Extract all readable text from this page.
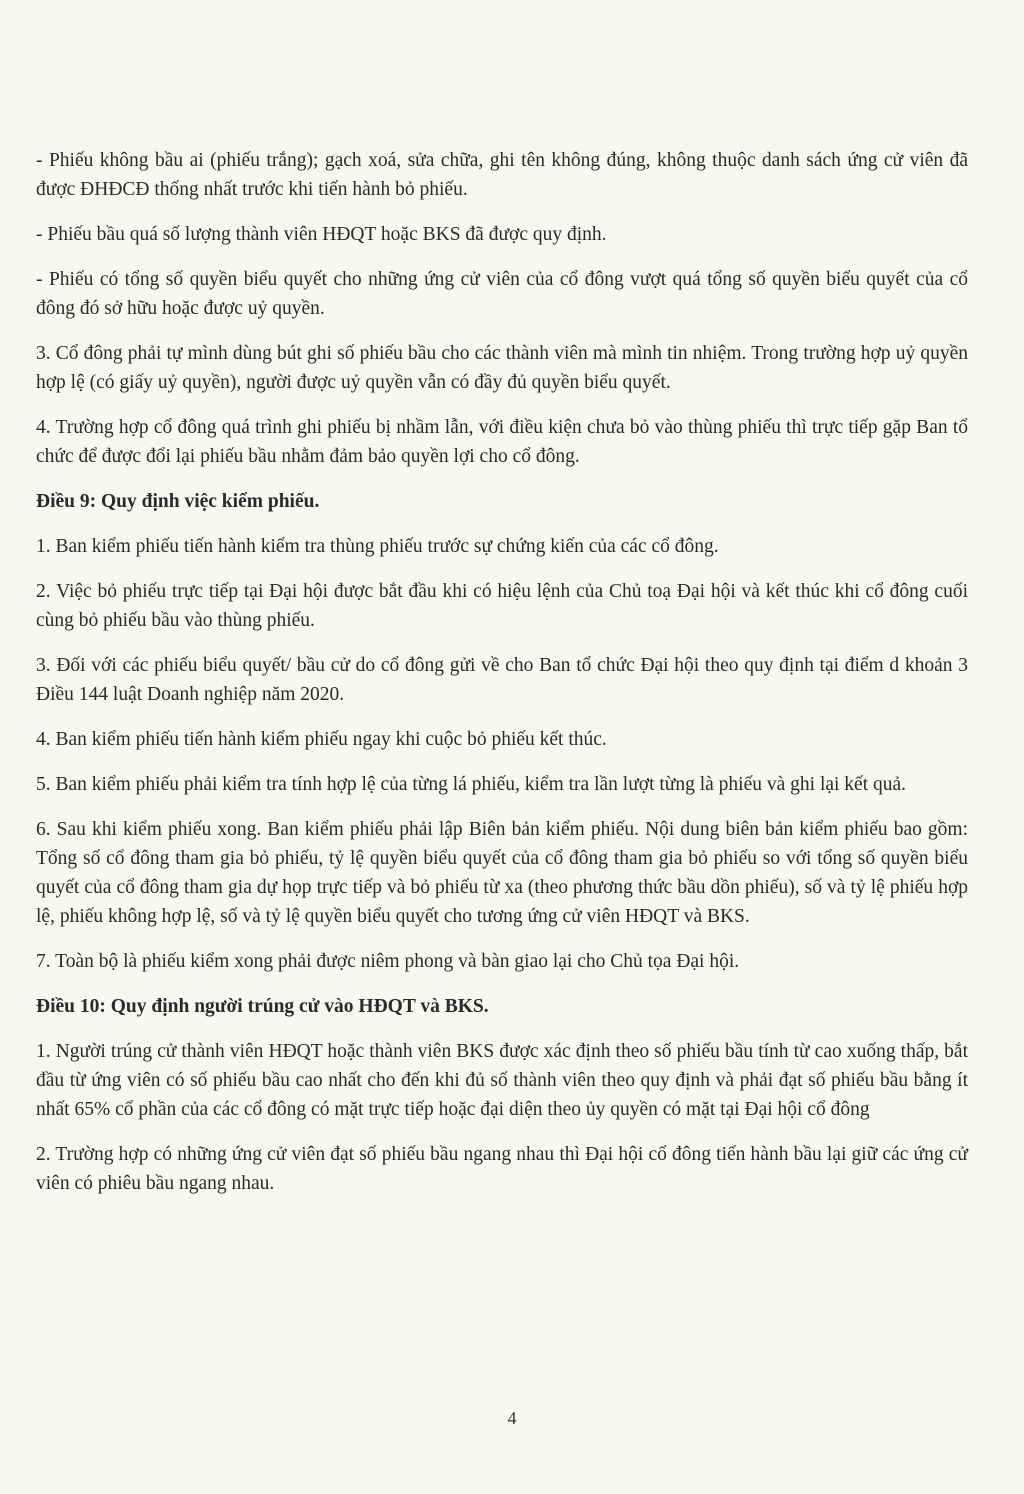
- Phiếu không bầu ai (phiếu trắng); gạch xoá, sửa chữa, ghi tên không đúng, không thuộc danh sách ứng cử viên đã được ĐHĐCĐ thống nhất trước khi tiến hành bỏ phiếu.

- Phiếu bầu quá số lượng thành viên HĐQT hoặc BKS đã được quy định.

- Phiếu có tổng số quyền biểu quyết cho những ứng cử viên của cổ đông vượt quá tổng số quyền biểu quyết của cổ đông đó sở hữu hoặc được uỷ quyền.

3. Cổ đông phải tự mình dùng bút ghi số phiếu bầu cho các thành viên mà mình tin nhiệm. Trong trường hợp uỷ quyền hợp lệ (có giấy uỷ quyền), người được uỷ quyền vẫn có đầy đủ quyền biểu quyết.

4. Trường hợp cổ đông quá trình ghi phiếu bị nhầm lẫn, với điều kiện chưa bỏ vào thùng phiếu thì trực tiếp gặp Ban tổ chức để được đổi lại phiếu bầu nhằm đảm bảo quyền lợi cho cổ đông.

Điều 9: Quy định việc kiểm phiếu.

1. Ban kiểm phiếu tiến hành kiểm tra thùng phiếu trước sự chứng kiến của các cổ đông.

2. Việc bỏ phiếu trực tiếp tại Đại hội được bắt đầu khi có hiệu lệnh của Chủ toạ Đại hội và kết thúc khi cổ đông cuối cùng bỏ phiếu bầu vào thùng phiếu.

3. Đối với các phiếu biểu quyết/ bầu cử do cổ đông gửi về cho Ban tổ chức Đại hội theo quy định tại điểm d khoản 3 Điều 144 luật Doanh nghiệp năm 2020.

4. Ban kiểm phiếu tiến hành kiểm phiếu ngay khi cuộc bỏ phiếu kết thúc.

5. Ban kiểm phiếu phải kiểm tra tính hợp lệ của từng lá phiếu, kiểm tra lần lượt từng là phiếu và ghi lại kết quả.

6. Sau khi kiểm phiếu xong. Ban kiểm phiếu phải lập Biên bản kiểm phiếu. Nội dung biên bản kiểm phiếu bao gồm: Tổng số cổ đông tham gia bỏ phiếu, tỷ lệ quyền biểu quyết của cổ đông tham gia bỏ phiếu so với tổng số quyền biểu quyết của cổ đông tham gia dự họp trực tiếp và bỏ phiếu từ xa (theo phương thức bầu dồn phiếu), số và tỷ lệ phiếu hợp lệ, phiếu không hợp lệ, số và tỷ lệ quyền biểu quyết cho tương ứng cử viên HĐQT và BKS.

7. Toàn bộ là phiếu kiểm xong phải được niêm phong và bàn giao lại cho Chủ tọa Đại hội.

Điều 10: Quy định người trúng cử vào HĐQT và BKS.

1. Người trúng cử thành viên HĐQT hoặc thành viên BKS được xác định theo số phiếu bầu tính từ cao xuống thấp, bắt đầu từ ứng viên có số phiếu bầu cao nhất cho đến khi đủ số thành viên theo quy định và phải đạt số phiếu bầu bằng ít nhất 65% cổ phần của các cổ đông có mặt trực tiếp hoặc đại diện theo ủy quyền có mặt tại Đại hội cổ đông

2. Trường hợp có những ứng cử viên đạt số phiếu bầu ngang nhau thì Đại hội cổ đông tiến hành bầu lại giữ các ứng cử viên có phiêu bầu ngang nhau.

4
